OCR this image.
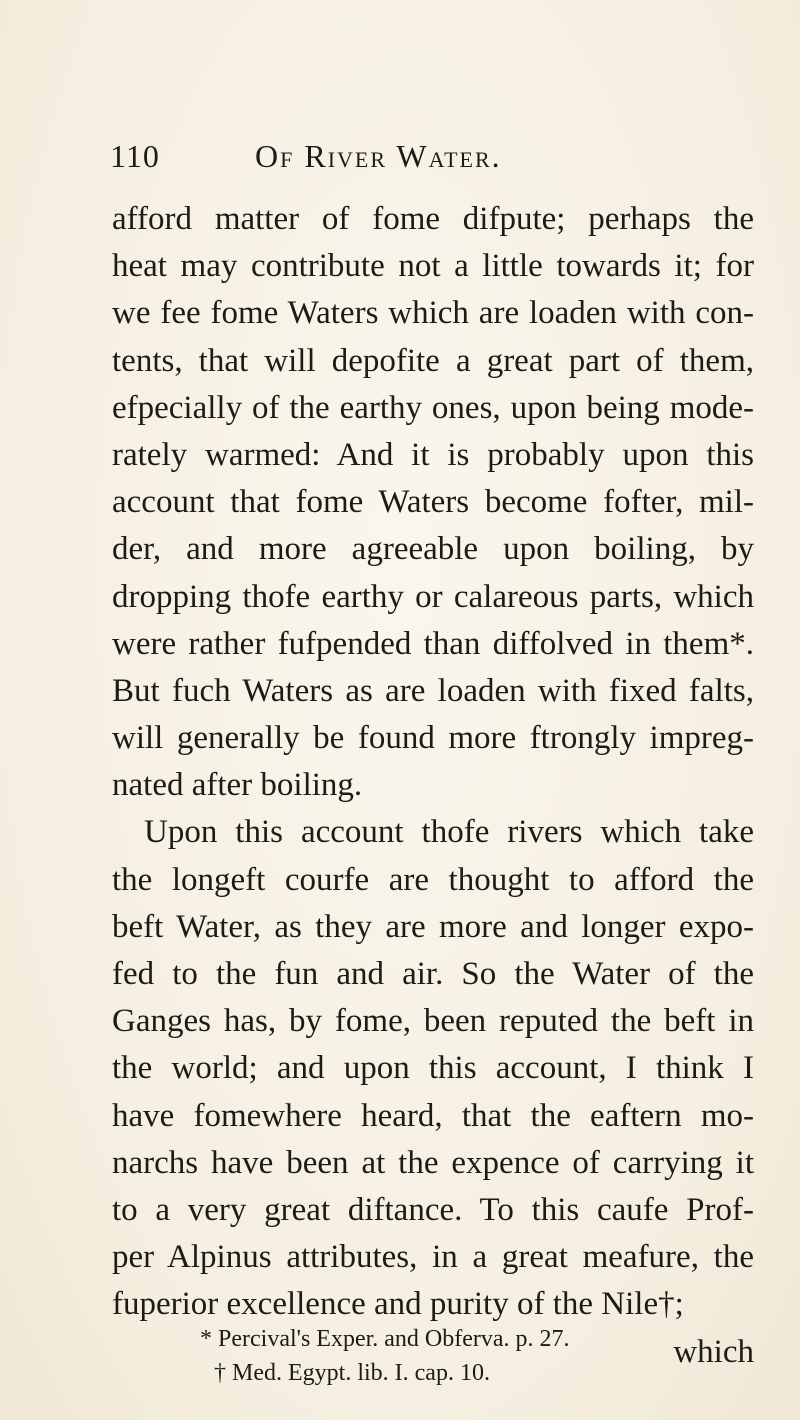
110	Of River Water.
afford matter of fome difpute; perhaps the
heat may contribute not a little towards it; for
we fee fome Waters which are loaden with con-
tents, that will depofite a great part of them,
efpecially of the earthy ones, upon being mode-
rately warmed: And it is probably upon this
account that fome Waters become fofter, mil-
der, and more agreeable upon boiling, by
dropping thofe earthy or calareous parts, which
were rather fufpended than diffolved in them*.
But fuch Waters as are loaden with fixed falts,
will generally be found more ftrongly impreg-
nated after boiling.
Upon this account thofe rivers which take
the longeft courfe are thought to afford the
beft Water, as they are more and longer expo-
fed to the fun and air. So the Water of the
Ganges has, by fome, been reputed the beft in
the world; and upon this account, I think I
have fomewhere heard, that the eaftern mo-
narchs have been at the expence of carrying it
to a very great diftance. To this caufe Prof-
per Alpinus attributes, in a great meafure, the
fuperior excellence and purity of the Nile†;
which
* Percival's Exper. and Obferva. p. 27.
† Med. Egypt. lib. I. cap. 10.
